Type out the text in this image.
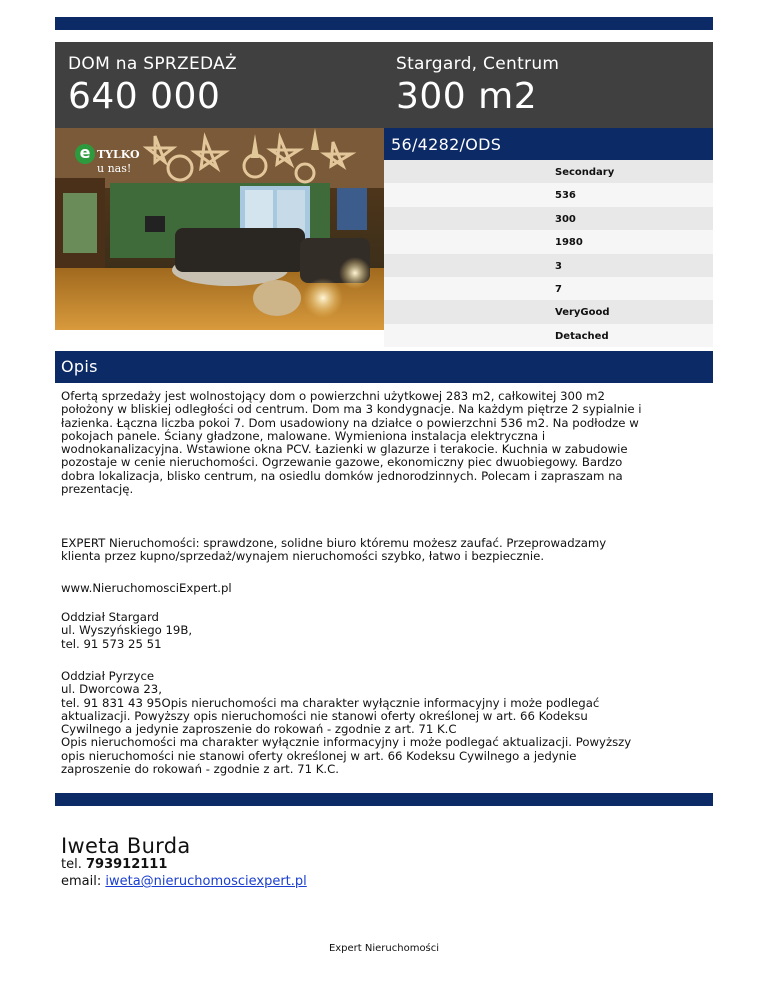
DOM na SPRZEDAŻ
640 000
Stargard, Centrum
300 m2
e TYLKO
u nas!
56/4282/ODS
Secondary
536
300
1980
3
7
VeryGood
Detached
Opis
Ofertą sprzedaży jest wolnostojący dom o powierzchni użytkowej 283 m2, całkowitej 300 m2
położony w bliskiej odległości od centrum. Dom ma 3 kondygnacje. Na każdym piętrze 2 sypialnie i
łazienka. Łączna liczba pokoi 7. Dom usadowiony na działce o powierzchni 536 m2. Na podłodze w
pokojach panele. Ściany gładzone, malowane. Wymieniona instalacja elektryczna i
wodnokanalizacyjna. Wstawione okna PCV. Łazienki w glazurze i terakocie. Kuchnia w zabudowie
pozostaje w cenie nieruchomości. Ogrzewanie gazowe, ekonomiczny piec dwuobiegowy. Bardzo
dobra lokalizacja, blisko centrum, na osiedlu domków jednorodzinnych. Polecam i zapraszam na
prezentację.
EXPERT Nieruchomości: sprawdzone, solidne biuro któremu możesz zaufać. Przeprowadzamy
klienta przez kupno/sprzedaż/wynajem nieruchomości szybko, łatwo i bezpiecznie.
www.NieruchomosciExpert.pl
Oddział Stargard
ul. Wyszyńskiego 19B,
tel. 91 573 25 51
Oddział Pyrzyce
ul. Dworcowa 23,
tel. 91 831 43 95Opis nieruchomości ma charakter wyłącznie informacyjny i może podlegać
aktualizacji. Powyższy opis nieruchomości nie stanowi oferty określonej w art. 66 Kodeksu
Cywilnego a jedynie zaproszenie do rokowań - zgodnie z art. 71 K.C
Opis nieruchomości ma charakter wyłącznie informacyjny i może podlegać aktualizacji. Powyższy
opis nieruchomości nie stanowi oferty określonej w art. 66 Kodeksu Cywilnego a jedynie
zaproszenie do rokowań - zgodnie z art. 71 K.C.
Iweta Burda
tel. 793912111
email: iweta@nieruchomosciexpert.pl
Expert Nieruchomości
